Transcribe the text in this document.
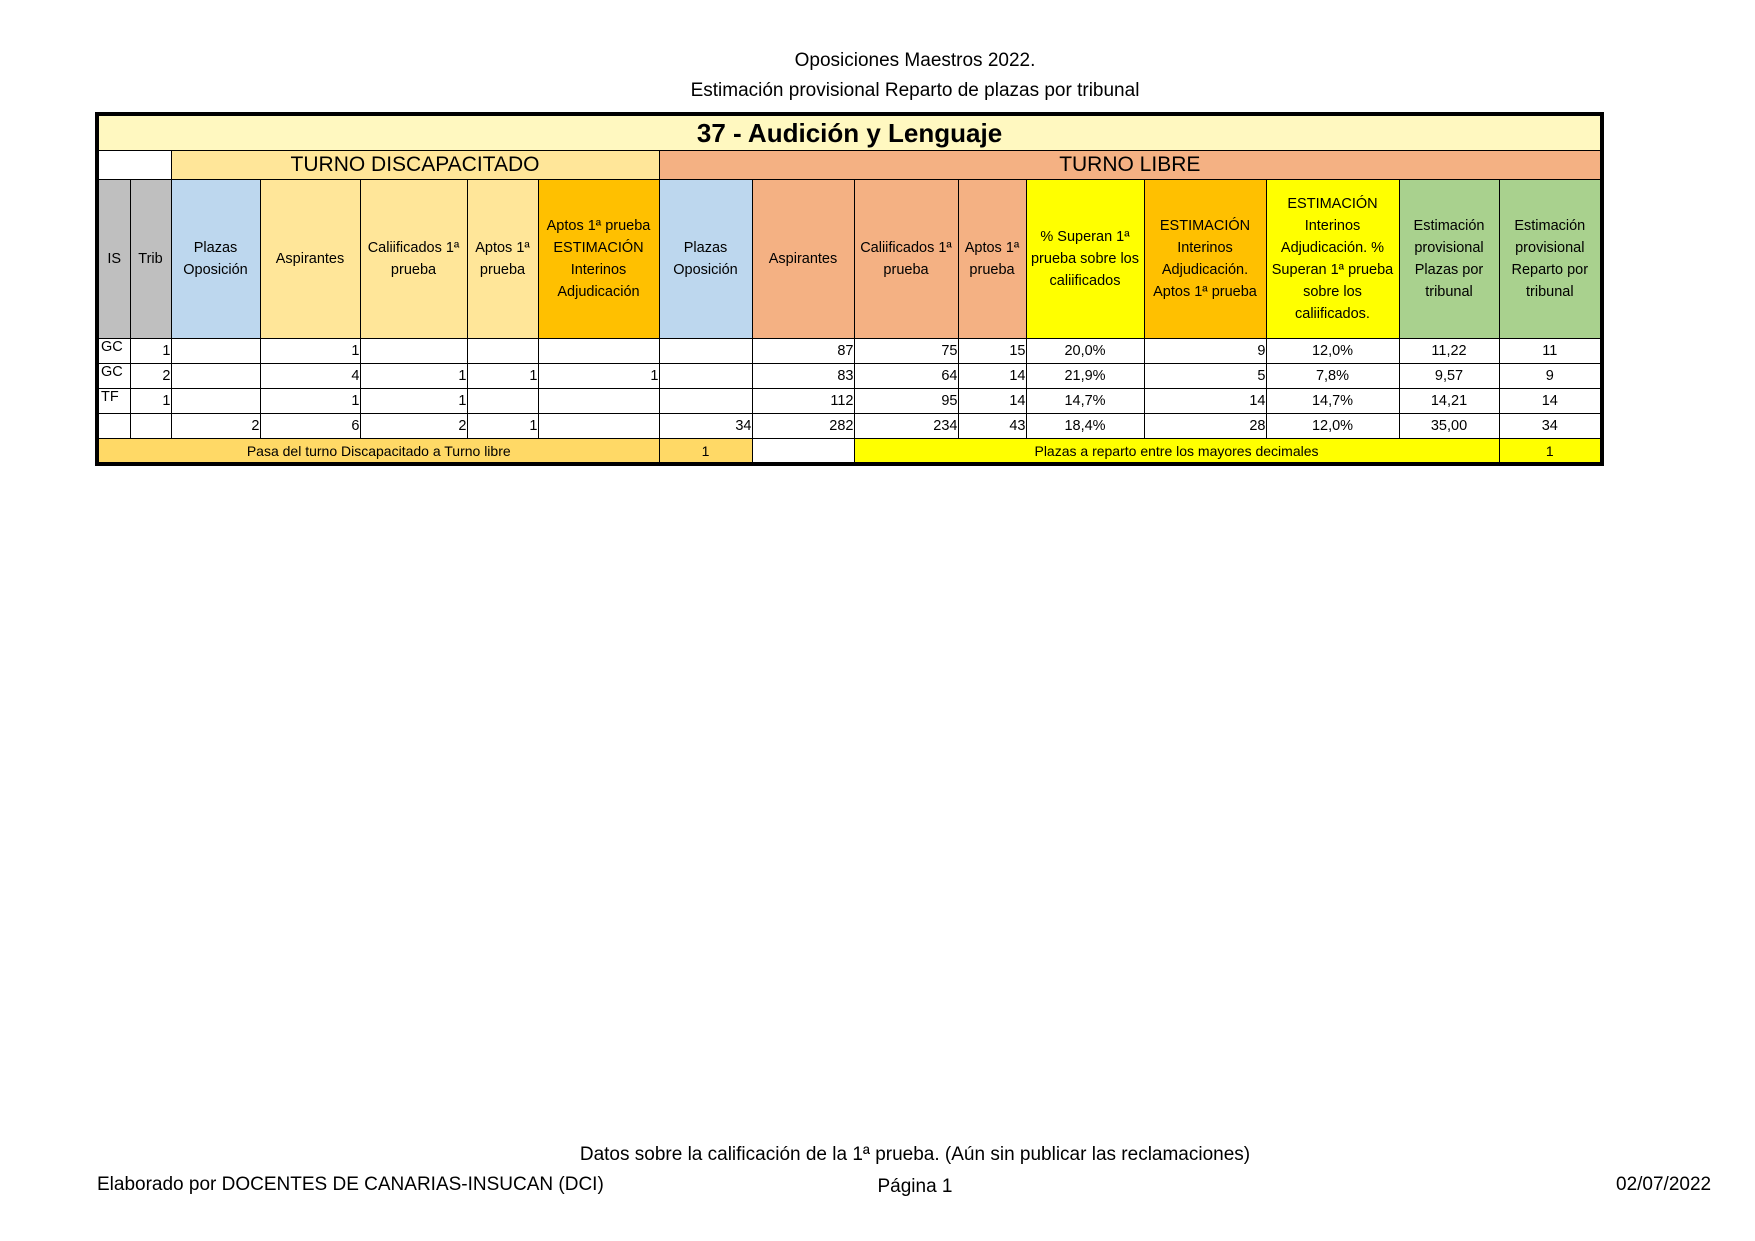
Oposiciones Maestros 2022.
Estimación provisional Reparto de plazas por tribunal
37 - Audición y Lenguaje															
		TURNO DISCAPACITADO					TURNO LIBRE								
IS	Trib	Plazas Oposición	Aspirantes	Caliificados 1ª prueba	Aptos 1ª prueba	Aptos 1ª prueba ESTIMACIÓN Interinos Adjudicación	Plazas Oposición	Aspirantes	Caliificados 1ª prueba	Aptos 1ª prueba	% Superan 1ª prueba sobre los caliificados	ESTIMACIÓN Interinos Adjudicación. Aptos 1ª prueba	ESTIMACIÓN Interinos Adjudicación. % Superan 1ª prueba sobre los caliificados.	Estimación provisional Plazas por tribunal	Estimación provisional Reparto por tribunal
GC	1		1					87	75	15	20,0%	9	12,0%	11,22	11
GC	2		4	1	1	1		83	64	14	21,9%	5	7,8%	9,57	9
TF	1		1	1				112	95	14	14,7%	14	14,7%	14,21	14
		2	6	2	1		34	282	234	43	18,4%	28	12,0%	35,00	34
Pasa del turno Discapacitado a Turno libre							1		Plazas a reparto entre los mayores decimales						1
Datos sobre la calificación de la 1ª prueba. (Aún sin publicar las reclamaciones)
Elaborado por DOCENTES DE CANARIAS-INSUCAN (DCI)	Página 1	02/07/2022
